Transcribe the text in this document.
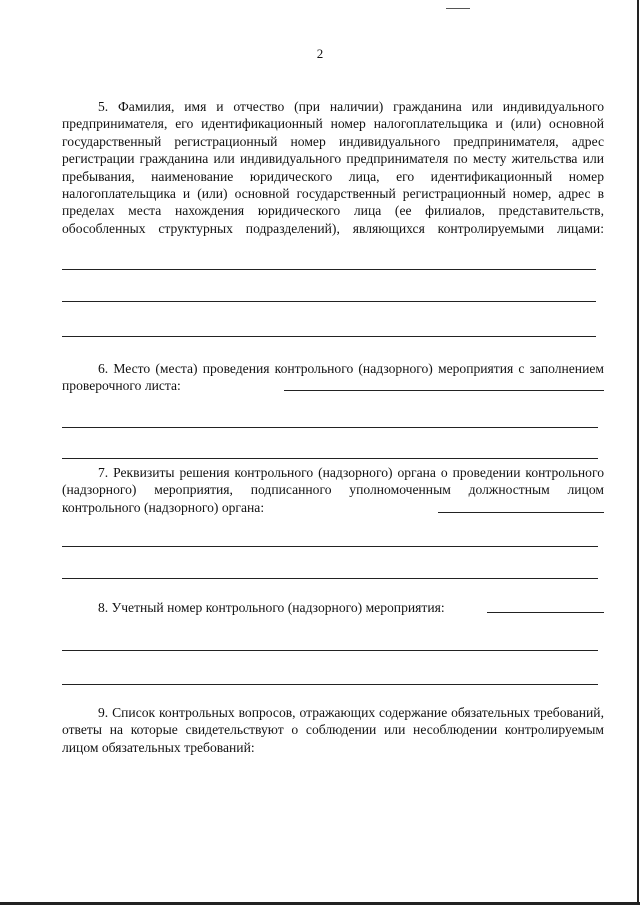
2

5. Фамилия, имя и отчество (при наличии) гражданина или индивидуального предпринимателя, его идентификационный номер налогоплательщика и (или) основной государственный регистрационный номер индивидуального предпринимателя, адрес регистрации гражданина или индивидуального предпринимателя по месту жительства или пребывания, наименование юридического лица, его идентификационный номер налогоплательщика и (или) основной государственный регистрационный номер, адрес в пределах места нахождения юридического лица (ее филиалов, представительств, обособленных структурных подразделений), являющихся контролируемыми лицами:

6. Место (места) проведения контрольного (надзорного) мероприятия с заполнением проверочного листа:

7. Реквизиты решения контрольного (надзорного) органа о проведении контрольного (надзорного) мероприятия, подписанного уполномоченным должностным лицом контрольного (надзорного) органа:

8. Учетный номер контрольного (надзорного) мероприятия:

9. Список контрольных вопросов, отражающих содержание обязательных требований, ответы на которые свидетельствуют о соблюдении или несоблюдении контролируемым лицом обязательных требований:
